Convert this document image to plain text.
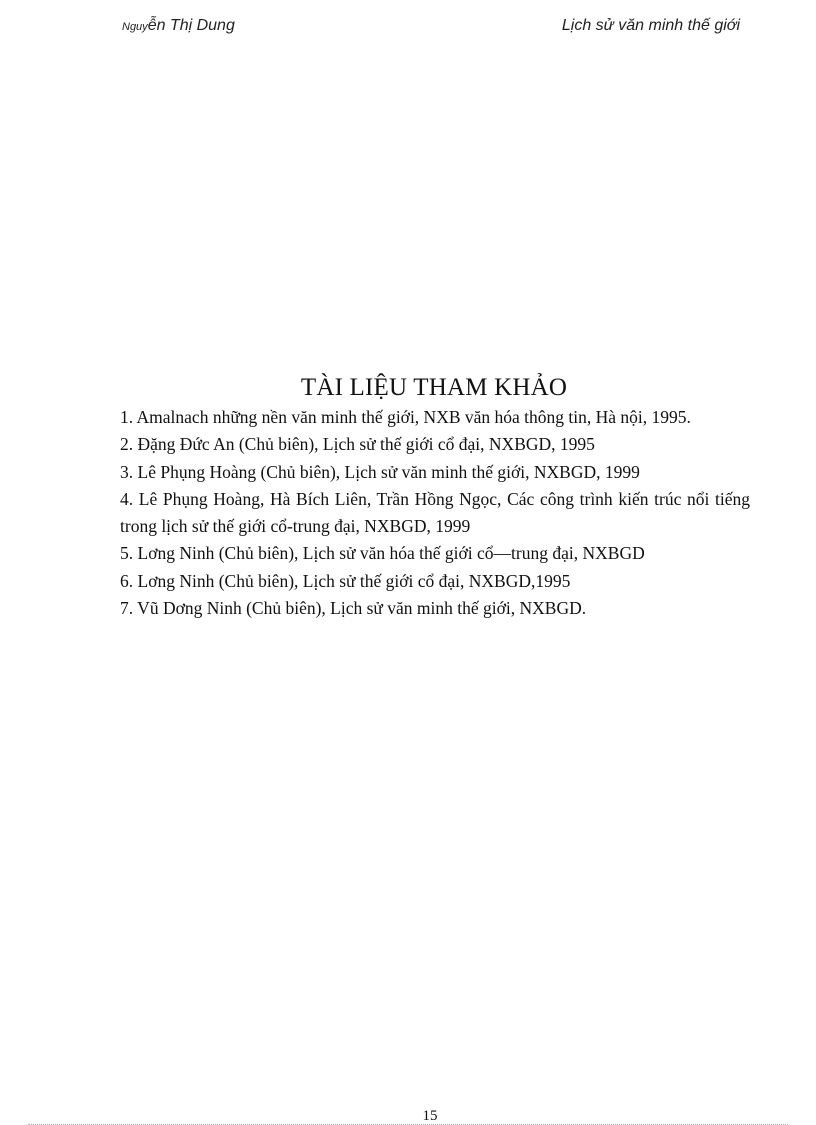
Nguyễn Thị Dung	Lịch sử văn minh thế giới
TÀI LIỆU THAM KHẢO

1. Amalnach những nền văn minh thế giới, NXB văn hóa thông tin, Hà nội, 1995.

2. Đặng Đức An (Chủ biên), Lịch sử thế giới cổ đại, NXBGD, 1995

3. Lê Phụng Hoàng (Chủ biên), Lịch sử văn minh thế giới, NXBGD, 1999

4. Lê Phụng Hoàng, Hà Bích Liên, Trần Hồng Ngọc, Các công trình kiến trúc nổi tiếng trong lịch sử thế giới cổ-trung đại, NXBGD, 1999

5. Lơng Ninh (Chủ biên), Lịch sử văn hóa thế giới cổ—trung đại, NXBGD

6. Lơng Ninh (Chủ biên), Lịch sử thế giới cổ đại, NXBGD,1995

7. Vũ Dơng Ninh (Chủ biên), Lịch sử văn minh thế giới, NXBGD.

15
